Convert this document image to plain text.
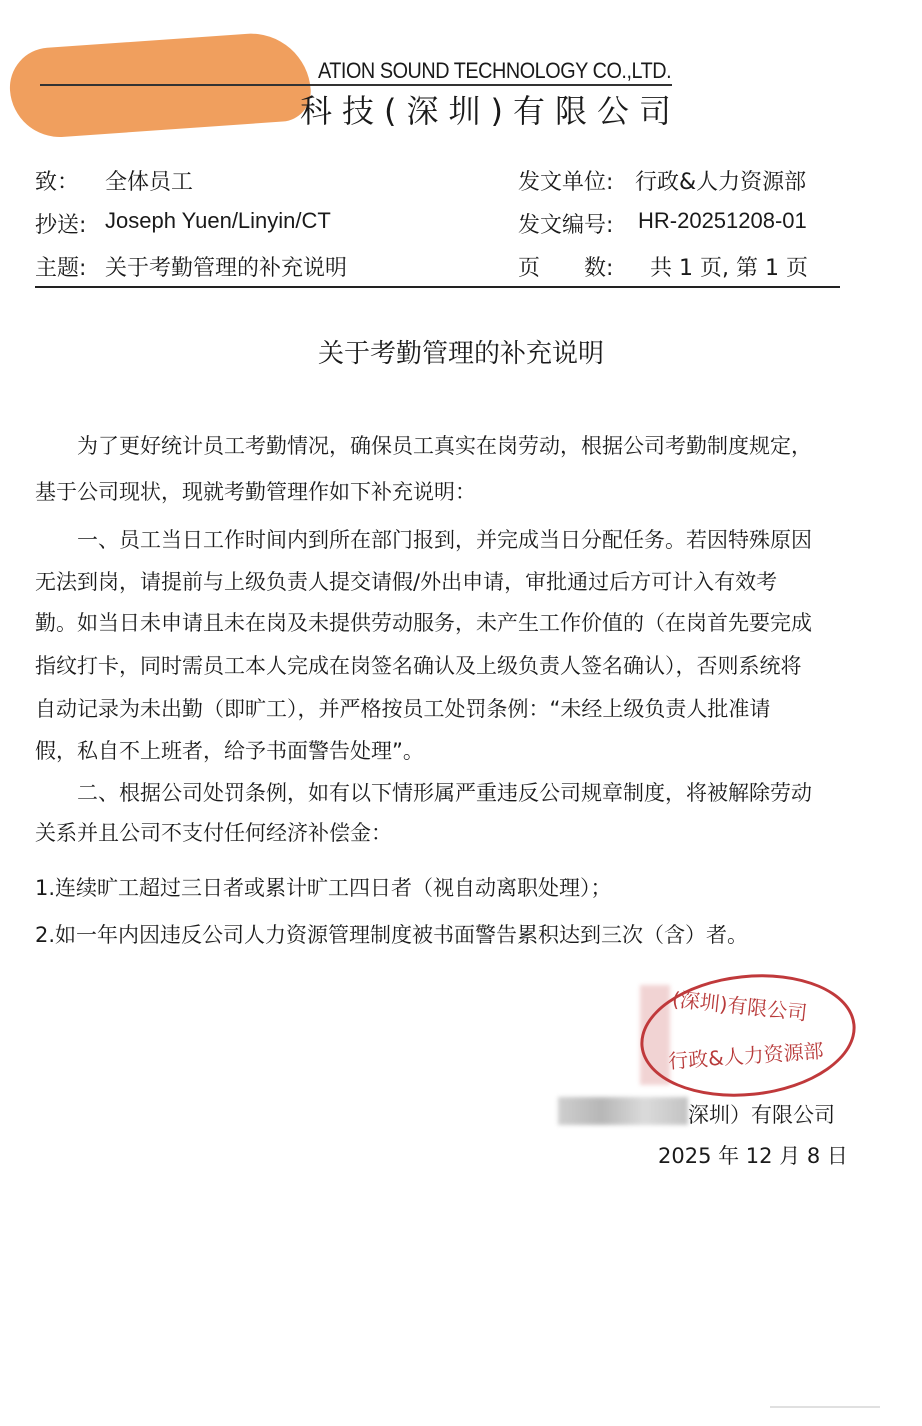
ATION SOUND TECHNOLOGY CO.,LTD.
科技(深圳)有限公司
致： 全体员工
抄送: Joseph Yuen/Linyin/CT
主题: 关于考勤管理的补充说明
发文单位: 行政&人力资源部
发文编号: HR-20251208-01
页　　数: 共 1 页, 第 1 页
关于考勤管理的补充说明
　　为了更好统计员工考勤情况，确保员工真实在岗劳动，根据公司考勤制度规定，
基于公司现状，现就考勤管理作如下补充说明：
　　一、员工当日工作时间内到所在部门报到，并完成当日分配任务。若因特殊原因
无法到岗，请提前与上级负责人提交请假/外出申请，审批通过后方可计入有效考
勤。如当日未申请且未在岗及未提供劳动服务，未产生工作价值的（在岗首先要完成
指纹打卡，同时需员工本人完成在岗签名确认及上级负责人签名确认），否则系统将
自动记录为未出勤（即旷工），并严格按员工处罚条例：“未经上级负责人批准请
假，私自不上班者，给予书面警告处理”。
　　二、根据公司处罚条例，如有以下情形属严重违反公司规章制度，将被解除劳动
关系并且公司不支付任何经济补偿金：
1.连续旷工超过三日者或累计旷工四日者（视自动离职处理）；
2.如一年内因违反公司人力资源管理制度被书面警告累积达到三次（含）者。
(深圳)有限公司
行政&人力资源部
深圳）有限公司
2025 年 12 月 8 日
